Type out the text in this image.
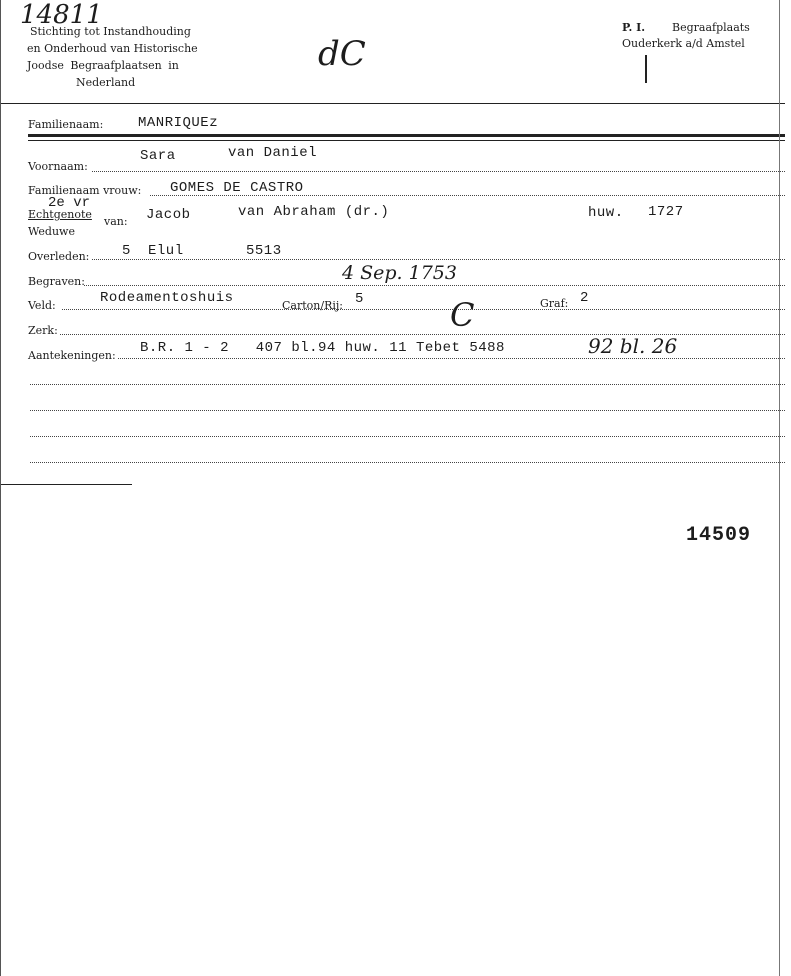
14811
Stichting tot Instandhouding
en Onderhoud van Historische
Joodse Begraafplaatsen in
Nederland
dC
P. I. Begraafplaats
Ouderkerk a/d Amstel
Familienaam: MANRIQUEz
Voornaam:
Sara	van Daniel
Familienaam vrouw: GOMES DE CASTRO
2e vr
Echtgenote
van: Jacob	van Abraham (dr.)	huw. 1727
Weduwe
Overleden: 5 Elul	5513
Begraven:	4 Sep. 1753
Veld:	Rodeamentoshuis	Carton/Rij: 5	Graf: 2
C
Zerk:
Aantekeningen: B.R. 1 - 2   407 bl.94 huw. 11 Tebet 5488	92 bl. 26
14509
